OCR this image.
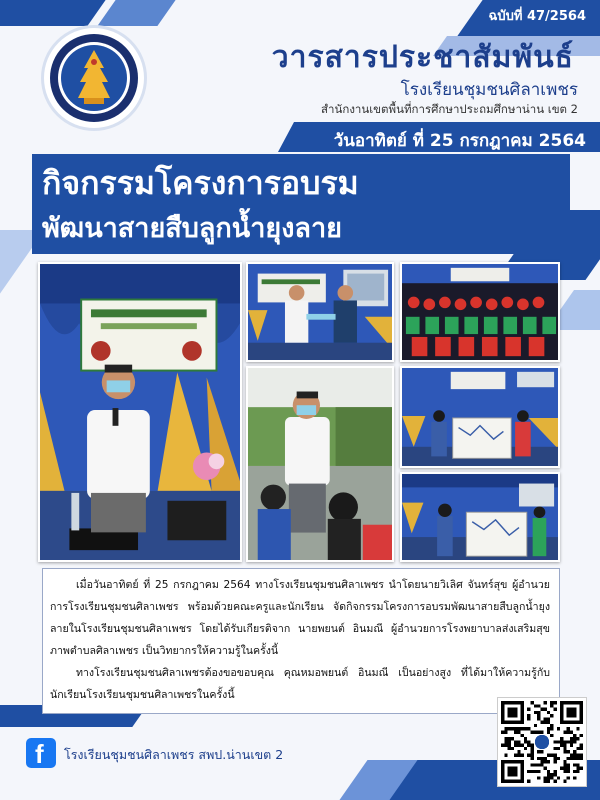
ฉบับที่ 47/2564
วารสารประชาสัมพันธ์
โรงเรียนชุมชนศิลาเพชร
สำนักงานเขตพื้นที่การศึกษาประถมศึกษาน่าน เขต 2
วันอาทิตย์ ที่ 25 กรกฎาคม 2564
กิจกรรมโครงการอบรม
พัฒนาสายสืบลูกน้ำยุงลาย

เมื่อวันอาทิตย์ ที่ 25 กรกฎาคม 2564 ทางโรงเรียนชุมชนศิลาเพชร นำโดยนายวิเลิศ จันทร์สุข ผู้อำนวยการโรงเรียนชุมชนศิลาเพชร พร้อมด้วยคณะครูและนักเรียน จัดกิจกรรมโครงการอบรมพัฒนาสายสืบลูกน้ำยุงลายในโรงเรียนชุมชนศิลาเพชร โดยได้รับเกียรติจาก นายพยนต์ อินมณี ผู้อำนวยการโรงพยาบาลส่งเสริมสุขภาพตำบลศิลาเพชร เป็นวิทยากรให้ความรู้ในครั้งนี้

ทางโรงเรียนชุมชนศิลาเพชรต้องขอขอบคุณ คุณหมอพยนต์ อินมณี เป็นอย่างสูง ที่ได้มาให้ความรู้กับนักเรียนโรงเรียนชุมชนศิลาเพชรในครั้งนี้

f โรงเรียนชุมชนศิลาเพชร สพป.น่านเขต 2
